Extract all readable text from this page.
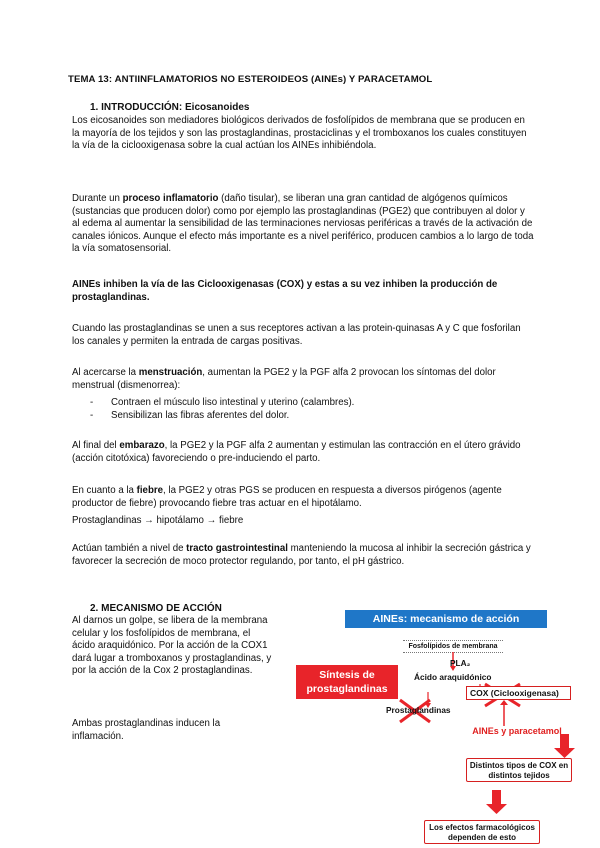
TEMA 13: ANTIINFLAMATORIOS NO ESTEROIDEOS (AINEs) Y PARACETAMOL
1. INTRODUCCIÓN: Eicosanoides
Los eicosanoides son mediadores biológicos derivados de fosfolípidos de membrana que se producen en la mayoría de los tejidos y son las prostaglandinas, prostaciclinas y el tromboxanos los cuales constituyen la vía de la ciclooxigenasa sobre la cual actúan los AINEs inhibiéndola.
Durante un proceso inflamatorio (daño tisular), se liberan una gran cantidad de algógenos químicos (sustancias que producen dolor) como por ejemplo las prostaglandinas (PGE2) que contribuyen al dolor y al edema al aumentar la sensibilidad de las terminaciones nerviosas periféricas a través de la activación de canales iónicos. Aunque el efecto más importante es a nivel periférico, producen cambios a lo largo de toda la vía somatosensorial.
AINEs inhiben la vía de las Ciclooxigenasas (COX) y estas a su vez inhiben la producción de prostaglandinas.
Cuando las prostaglandinas se unen a sus receptores activan a las protein-quinasas A y C que fosforilan los canales y permiten la entrada de cargas positivas.
Al acercarse la menstruación, aumentan la PGE2 y la PGF alfa 2 provocan los síntomas del dolor menstrual (dismenorrea):
- Contraen el músculo liso intestinal y uterino (calambres).
- Sensibilizan las fibras aferentes del dolor.
Al final del embarazo, la PGE2 y la PGF alfa 2 aumentan y estimulan las contracción en el útero grávido (acción citotóxica) favoreciendo o pre-induciendo el parto.
En cuanto a la fiebre, la PGE2 y otras PGS se producen en respuesta a diversos pirógenos (agente productor de fiebre) provocando fiebre tras actuar en el hipotálamo.
Prostaglandinas → hipotálamo → fiebre
Actúan también a nivel de tracto gastrointestinal manteniendo la mucosa al inhibir la secreción gástrica y favorecer la secreción de moco protector regulando, por tanto, el pH gástrico.
2. MECANISMO DE ACCIÓN
Al darnos un golpe, se libera de la membrana celular y los fosfolípidos de membrana, el ácido araquidónico. Por la acción de la COX1 dará lugar a tromboxanos y prostaglandinas, y por la acción de la Cox 2 prostaglandinas.
Ambas prostaglandinas inducen la inflamación.
AINEs: mecanismo de acción
Fosfolípidos de membrana
PLA₂
Ácido araquidónico
Síntesis de prostaglandinas	COX (Ciclooxigenasa)
Prostaglandinas
AINEs y paracetamol
Distintos tipos de COX en distintos tejidos
Los efectos farmacológicos dependen de esto
